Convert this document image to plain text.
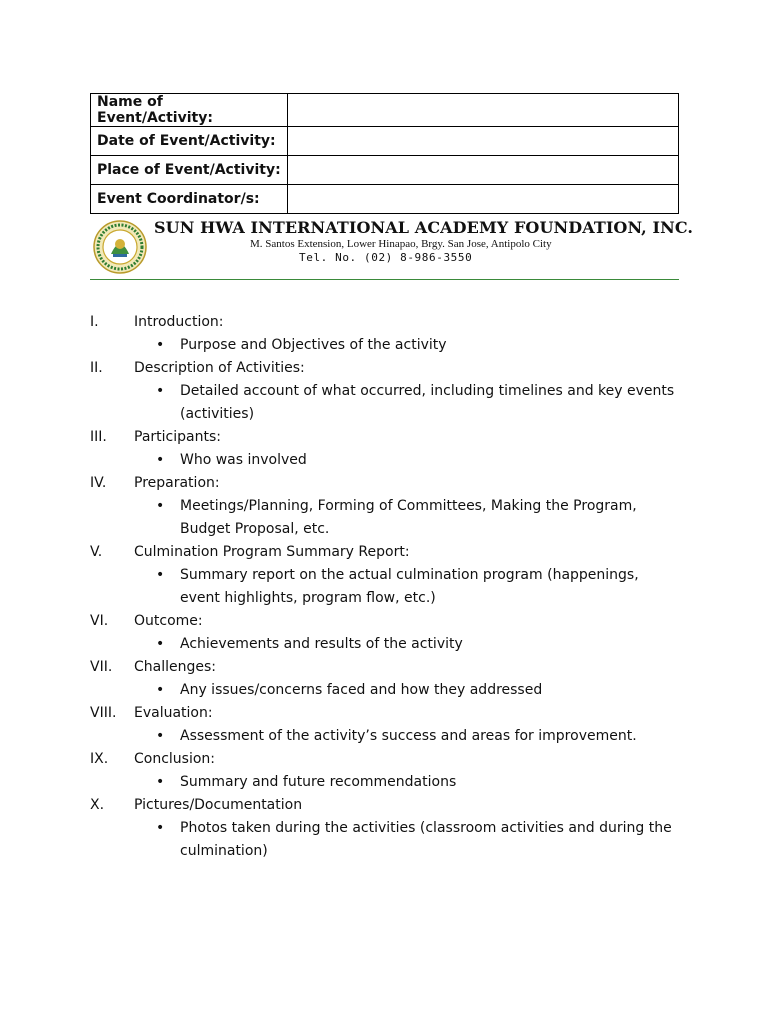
Name of Event/Activity:	
Date of Event/Activity:	
Place of Event/Activity:	
Event Coordinator/s:	
SUN HWA INTERNATIONAL ACADEMY FOUNDATION, INC.
M. Santos Extension, Lower Hinapao, Brgy. San Jose, Antipolo City
Tel. No. (02) 8-986-3550
I.	Introduction:
• Purpose and Objectives of the activity
II. Description of Activities:
• Detailed account of what occurred, including timelines and key events (activities)
III. Participants:
• Who was involved
IV. Preparation:
• Meetings/Planning, Forming of Committees, Making the Program, Budget Proposal, etc.
V. Culmination Program Summary Report:
• Summary report on the actual culmination program (happenings, event highlights, program flow, etc.)
VI. Outcome:
• Achievements and results of the activity
VII. Challenges:
• Any issues/concerns faced and how they addressed
VIII. Evaluation:
• Assessment of the activity’s success and areas for improvement.
IX. Conclusion:
• Summary and future recommendations
X. Pictures/Documentation
• Photos taken during the activities (classroom activities and during the culmination)
